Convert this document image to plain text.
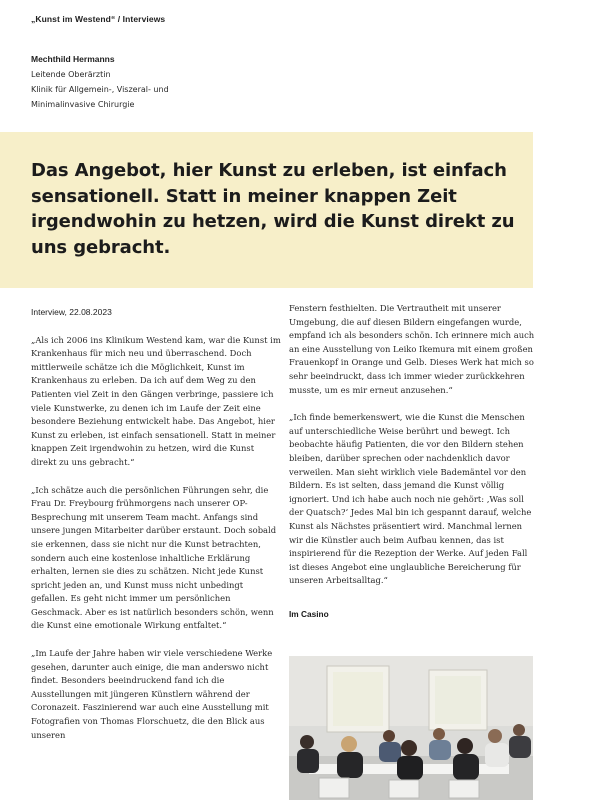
„Kunst im Westend“ / Interviews
Mechthild Hermanns
Leitende Oberärztin
Klinik für Allgemein-, Viszeral- und
Minimalinvasive Chirurgie

Das Angebot, hier Kunst zu erleben, ist einfach sensationell. Statt in meiner knappen Zeit irgendwohin zu hetzen, wird die Kunst direkt zu uns gebracht.

Interview, 22.08.2023

„Als ich 2006 ins Klinikum Westend kam, war die Kunst im Krankenhaus für mich neu und überraschend. Doch mittlerweile schätze ich die Möglichkeit, Kunst im Krankenhaus zu erleben. Da ich auf dem Weg zu den Patienten viel Zeit in den Gängen verbringe, passiere ich viele Kunstwerke, zu denen ich im Laufe der Zeit eine besondere Beziehung entwickelt habe. Das Angebot, hier Kunst zu erleben, ist einfach sensationell. Statt in meiner knappen Zeit irgendwohin zu hetzen, wird die Kunst direkt zu uns gebracht.“

„Ich schätze auch die persönlichen Führungen sehr, die Frau Dr. Freybourg frühmorgens nach unserer OP-Besprechung mit unserem Team macht. Anfangs sind unsere jungen Mitarbeiter darüber erstaunt. Doch sobald sie erkennen, dass sie nicht nur die Kunst betrachten, sondern auch eine kostenlose inhaltliche Erklärung erhalten, lernen sie dies zu schätzen. Nicht jede Kunst spricht jeden an, und Kunst muss nicht unbedingt gefallen. Es geht nicht immer um persönlichen Geschmack. Aber es ist natürlich besonders schön, wenn die Kunst eine emotionale Wirkung entfaltet.“

„Im Laufe der Jahre haben wir viele verschiedene Werke gesehen, darunter auch einige, die man anderswo nicht findet. Besonders beeindruckend fand ich die Ausstellungen mit jüngeren Künstlern während der Coronazeit. Faszinierend war auch eine Ausstellung mit Fotografien von Thomas Florschuetz, die den Blick aus unseren

Fenstern festhielten. Die Vertrautheit mit unserer Umgebung, die auf diesen Bildern eingefangen wurde, empfand ich als besonders schön. Ich erinnere mich auch an eine Ausstellung von Leiko Ikemura mit einem großen Frauenkopf in Orange und Gelb. Dieses Werk hat mich so sehr beeindruckt, dass ich immer wieder zurückkehren musste, um es mir erneut anzusehen.“

„Ich finde bemerkenswert, wie die Kunst die Menschen auf unterschiedliche Weise berührt und bewegt. Ich beobachte häufig Patienten, die vor den Bildern stehen bleiben, darüber sprechen oder nachdenklich davor verweilen. Man sieht wirklich viele Bademäntel vor den Bildern. Es ist selten, dass jemand die Kunst völlig ignoriert. Und ich habe auch noch nie gehört: ‚Was soll der Quatsch?‘ Jedes Mal bin ich gespannt darauf, welche Kunst als Nächstes präsentiert wird. Manchmal lernen wir die Künstler auch beim Aufbau kennen, das ist inspirierend für die Rezeption der Werke. Auf jeden Fall ist dieses Angebot eine unglaubliche Bereicherung für unseren Arbeitsalltag.“

Im Casino
